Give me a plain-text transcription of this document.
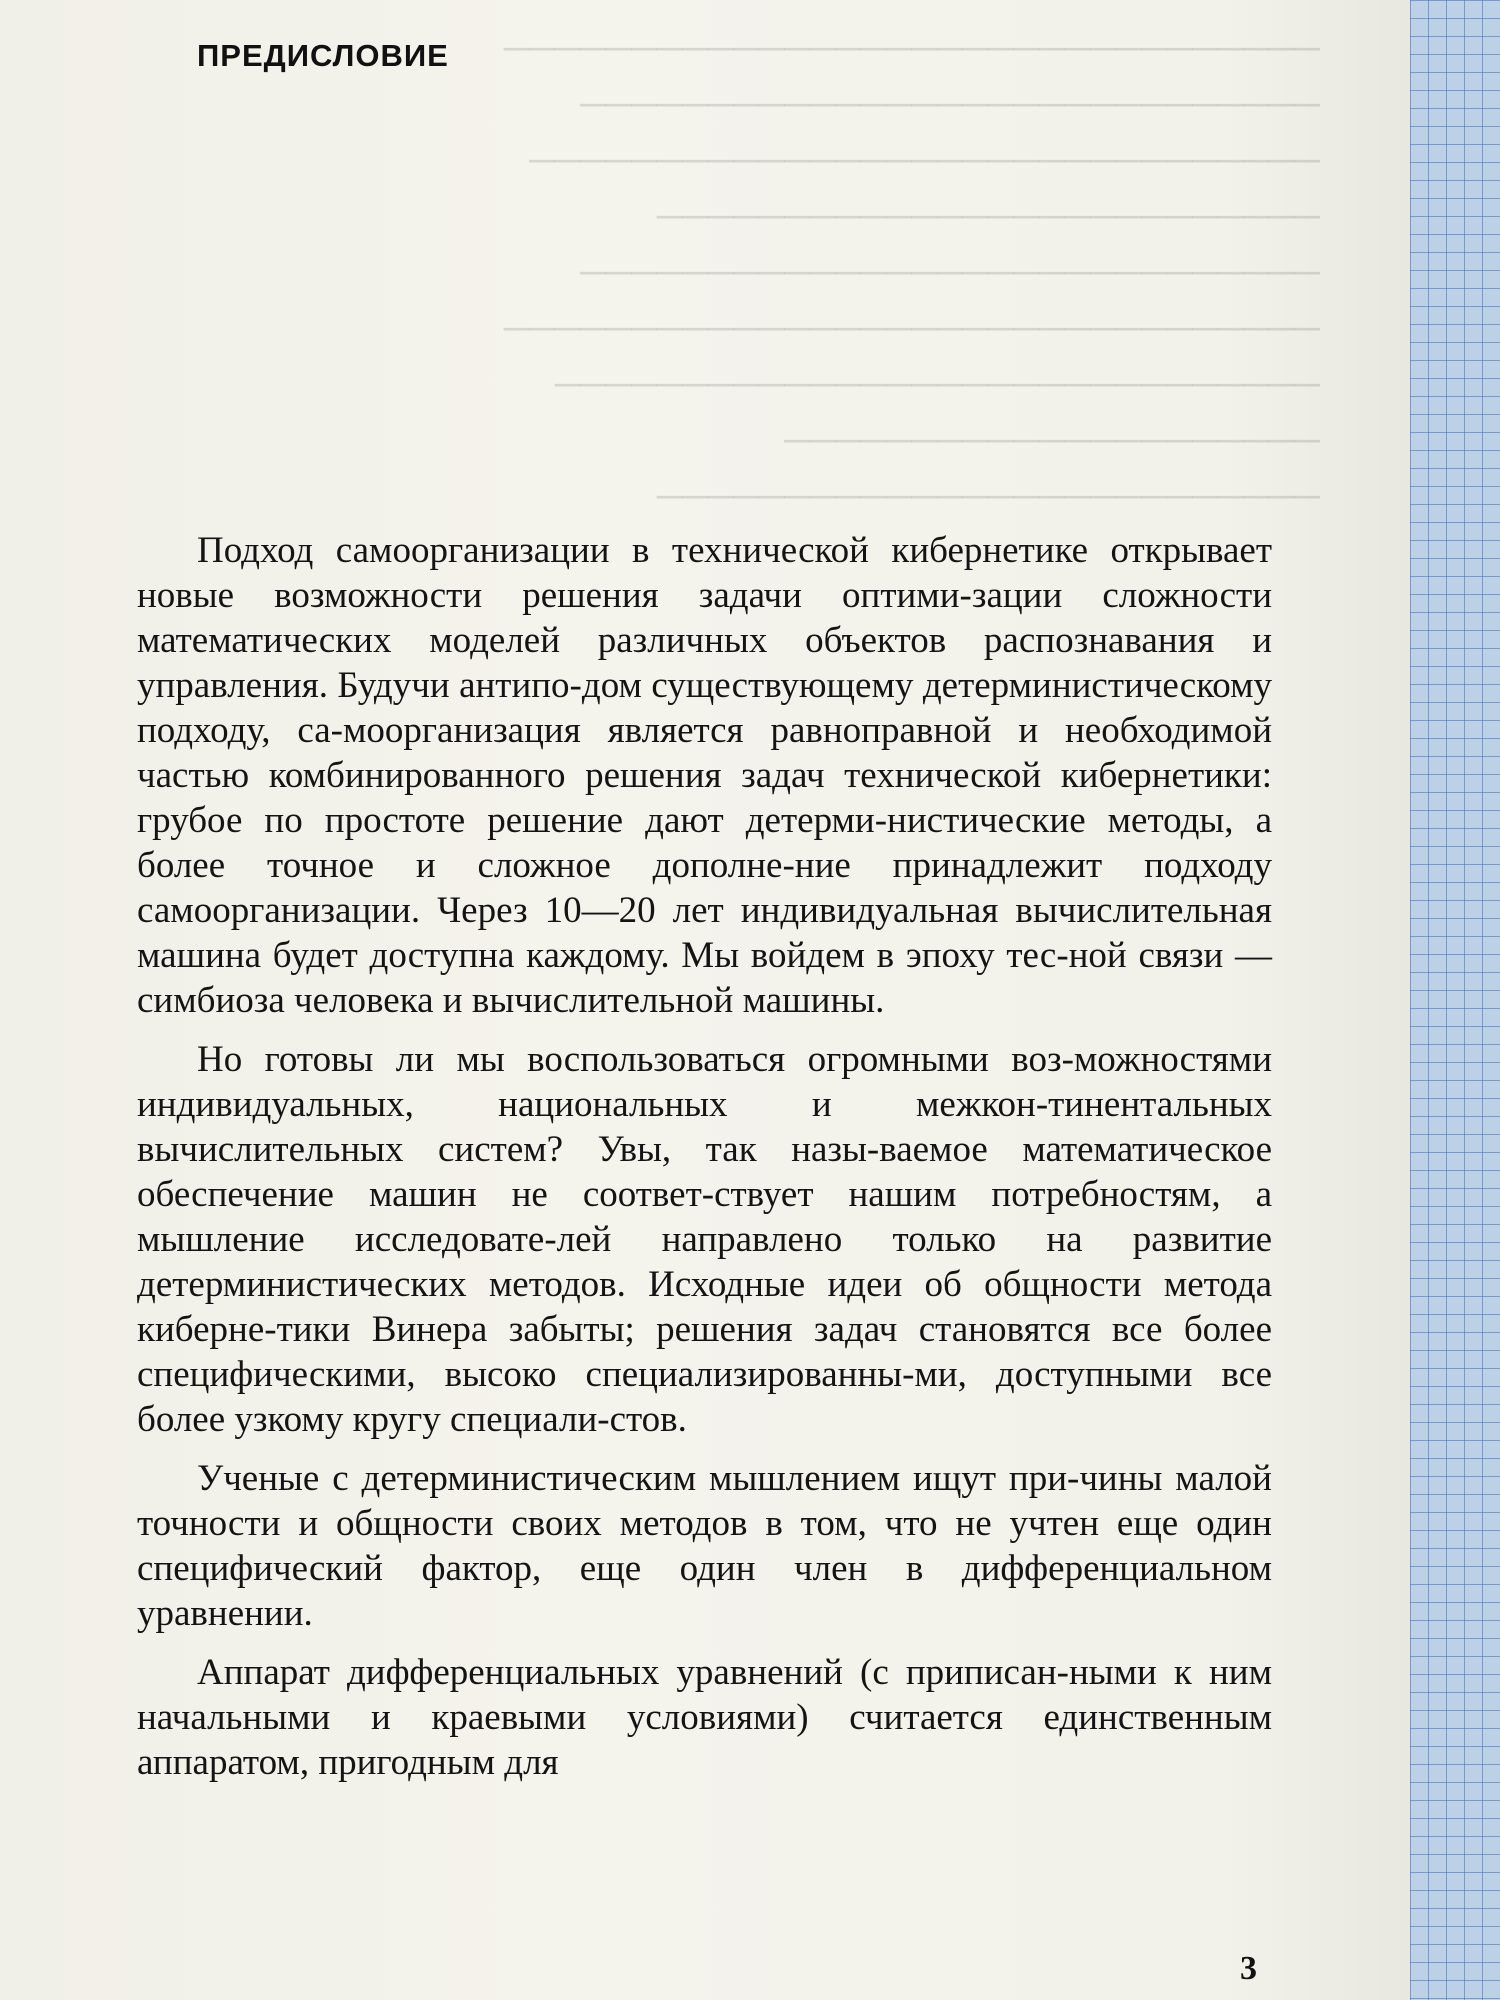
────────────────────────────────
─────────────────────────────
───────────────────────────────
──────────────────────────
─────────────────────────────
────────────────────────────────
──────────────────────────────
─────────────────────
──────────────────────────
ПРЕДИСЛОВИЕ

Подход самоорганизации в технической кибернетике открывает новые возможности решения задачи оптими-зации сложности математических моделей различных объектов распознавания и управления. Будучи антипо-дом существующему детерминистическому подходу, са-моорганизация является равноправной и необходимой частью комбинированного решения задач технической кибернетики: грубое по простоте решение дают детерми-нистические методы, а более точное и сложное дополне-ние принадлежит подходу самоорганизации. Через 10—20 лет индивидуальная вычислительная машина будет доступна каждому. Мы войдем в эпоху тес-ной связи — симбиоза человека и вычислительной машины.

Но готовы ли мы воспользоваться огромными воз-можностями индивидуальных, национальных и межкон-тинентальных вычислительных систем? Увы, так назы-ваемое математическое обеспечение машин не соответ-ствует нашим потребностям, а мышление исследовате-лей направлено только на развитие детерминистических методов. Исходные идеи об общности метода киберне-тики Винера забыты; решения задач становятся все более специфическими, высоко специализированны-ми, доступными все более узкому кругу специали-стов.

Ученые с детерминистическим мышлением ищут при-чины малой точности и общности своих методов в том, что не учтен еще один специфический фактор, еще один член в дифференциальном уравнении.

Аппарат дифференциальных уравнений (с приписан-ными к ним начальными и краевыми условиями) считается единственным аппаратом, пригодным для

3
